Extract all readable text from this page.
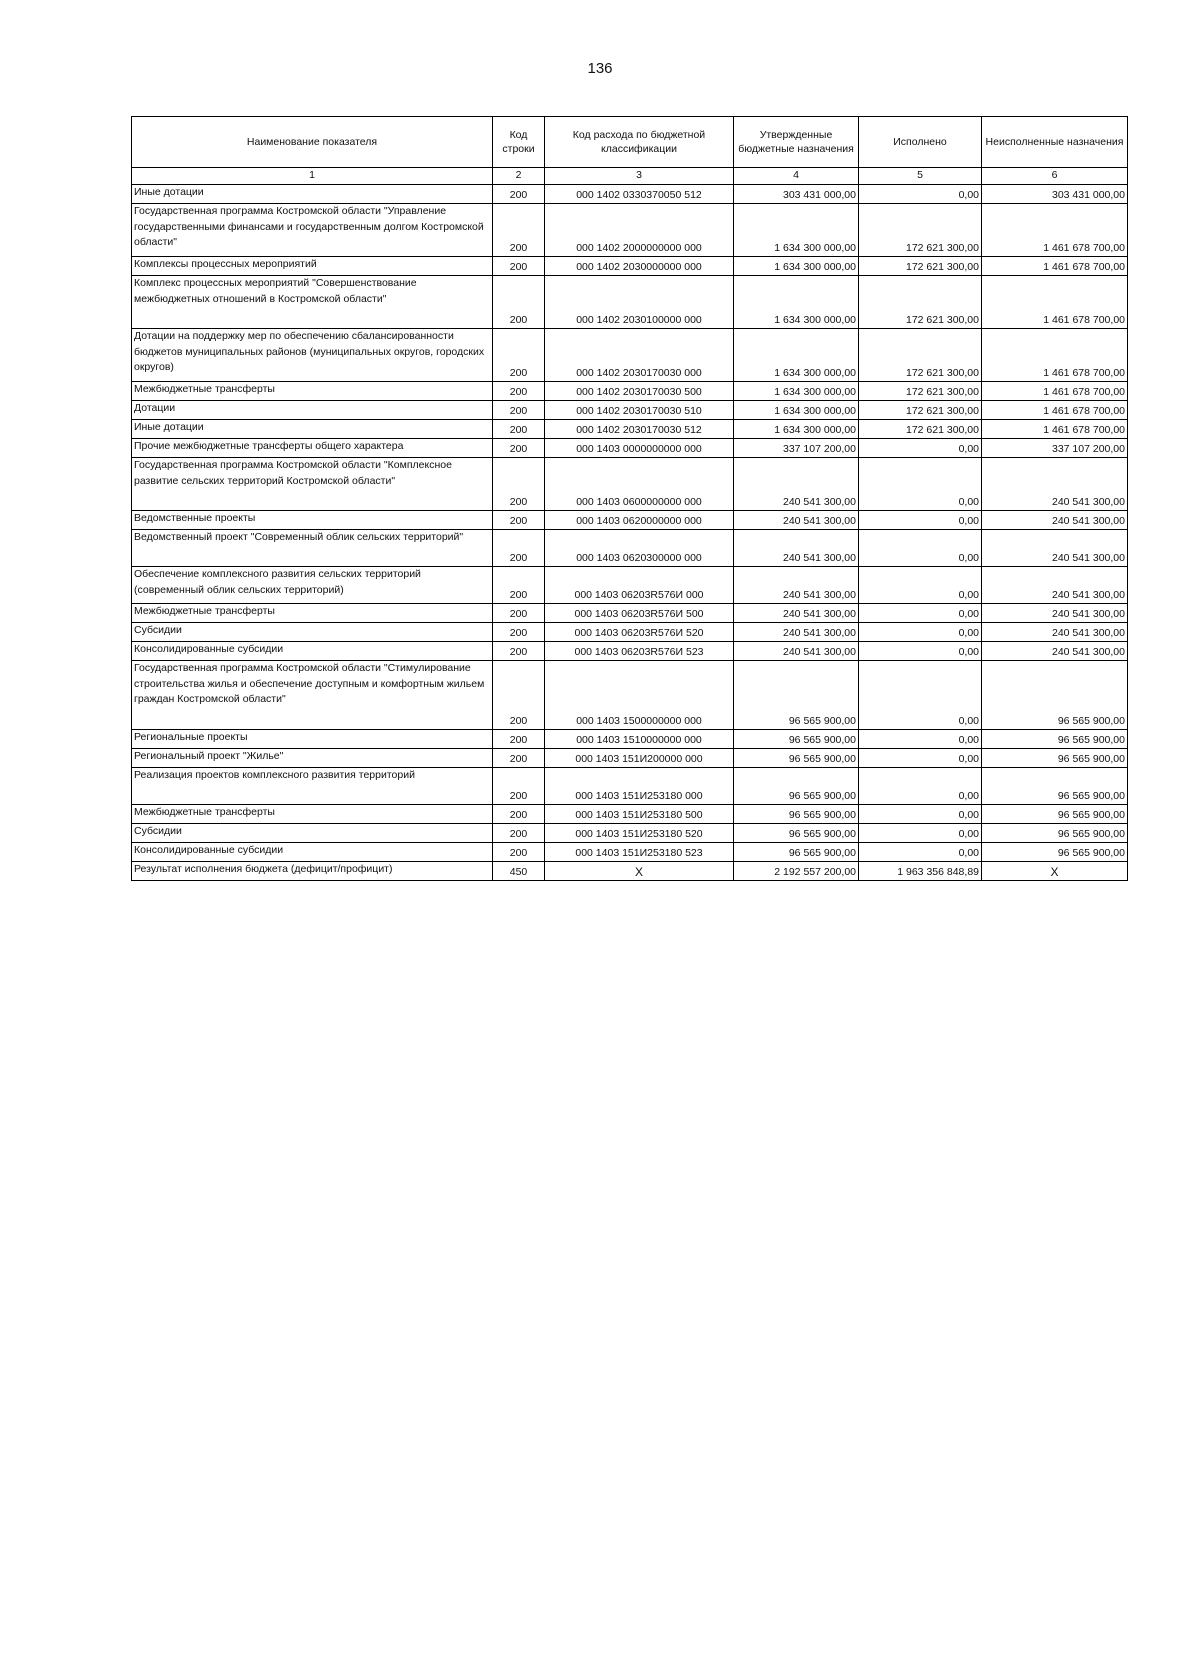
136
Наименование показателя	Код строки	Код расхода по бюджетной классификации	Утвержденные бюджетные назначения	Исполнено	Неисполненные назначения
1	2	3	4	5	6
Иные дотации	200	000 1402 0330370050 512	303 431 000,00	0,00	303 431 000,00
Государственная программа Костромской области "Управление государственными финансами и государственным долгом Костромской области"	200	000 1402 2000000000 000	1 634 300 000,00	172 621 300,00	1 461 678 700,00
Комплексы процессных мероприятий	200	000 1402 2030000000 000	1 634 300 000,00	172 621 300,00	1 461 678 700,00
Комплекс процессных мероприятий "Совершенствование межбюджетных отношений в Костромской области"	200	000 1402 2030100000 000	1 634 300 000,00	172 621 300,00	1 461 678 700,00
Дотации на поддержку мер по обеспечению сбалансированности бюджетов муниципальных районов (муниципальных округов, городских округов)	200	000 1402 2030170030 000	1 634 300 000,00	172 621 300,00	1 461 678 700,00
Межбюджетные трансферты	200	000 1402 2030170030 500	1 634 300 000,00	172 621 300,00	1 461 678 700,00
Дотации	200	000 1402 2030170030 510	1 634 300 000,00	172 621 300,00	1 461 678 700,00
Иные дотации	200	000 1402 2030170030 512	1 634 300 000,00	172 621 300,00	1 461 678 700,00
Прочие межбюджетные трансферты общего характера	200	000 1403 0000000000 000	337 107 200,00	0,00	337 107 200,00
Государственная программа Костромской области "Комплексное развитие сельских территорий Костромской области"	200	000 1403 0600000000 000	240 541 300,00	0,00	240 541 300,00
Ведомственные проекты	200	000 1403 0620000000 000	240 541 300,00	0,00	240 541 300,00
Ведомственный проект "Современный облик сельских территорий"	200	000 1403 0620300000 000	240 541 300,00	0,00	240 541 300,00
Обеспечение комплексного развития сельских территорий (современный облик сельских территорий)	200	000 1403 06203R576И 000	240 541 300,00	0,00	240 541 300,00
Межбюджетные трансферты	200	000 1403 06203R576И 500	240 541 300,00	0,00	240 541 300,00
Субсидии	200	000 1403 06203R576И 520	240 541 300,00	0,00	240 541 300,00
Консолидированные субсидии	200	000 1403 06203R576И 523	240 541 300,00	0,00	240 541 300,00
Государственная программа Костромской области "Стимулирование строительства жилья и обеспечение доступным и комфортным жильем граждан Костромской области"	200	000 1403 1500000000 000	96 565 900,00	0,00	96 565 900,00
Региональные проекты	200	000 1403 1510000000 000	96 565 900,00	0,00	96 565 900,00
Региональный проект "Жилье"	200	000 1403 151И200000 000	96 565 900,00	0,00	96 565 900,00
Реализация проектов комплексного развития территорий	200	000 1403 151И253180 000	96 565 900,00	0,00	96 565 900,00
Межбюджетные трансферты	200	000 1403 151И253180 500	96 565 900,00	0,00	96 565 900,00
Субсидии	200	000 1403 151И253180 520	96 565 900,00	0,00	96 565 900,00
Консолидированные субсидии	200	000 1403 151И253180 523	96 565 900,00	0,00	96 565 900,00
Результат исполнения бюджета (дефицит/профицит)	450	X	2 192 557 200,00	1 963 356 848,89	X
